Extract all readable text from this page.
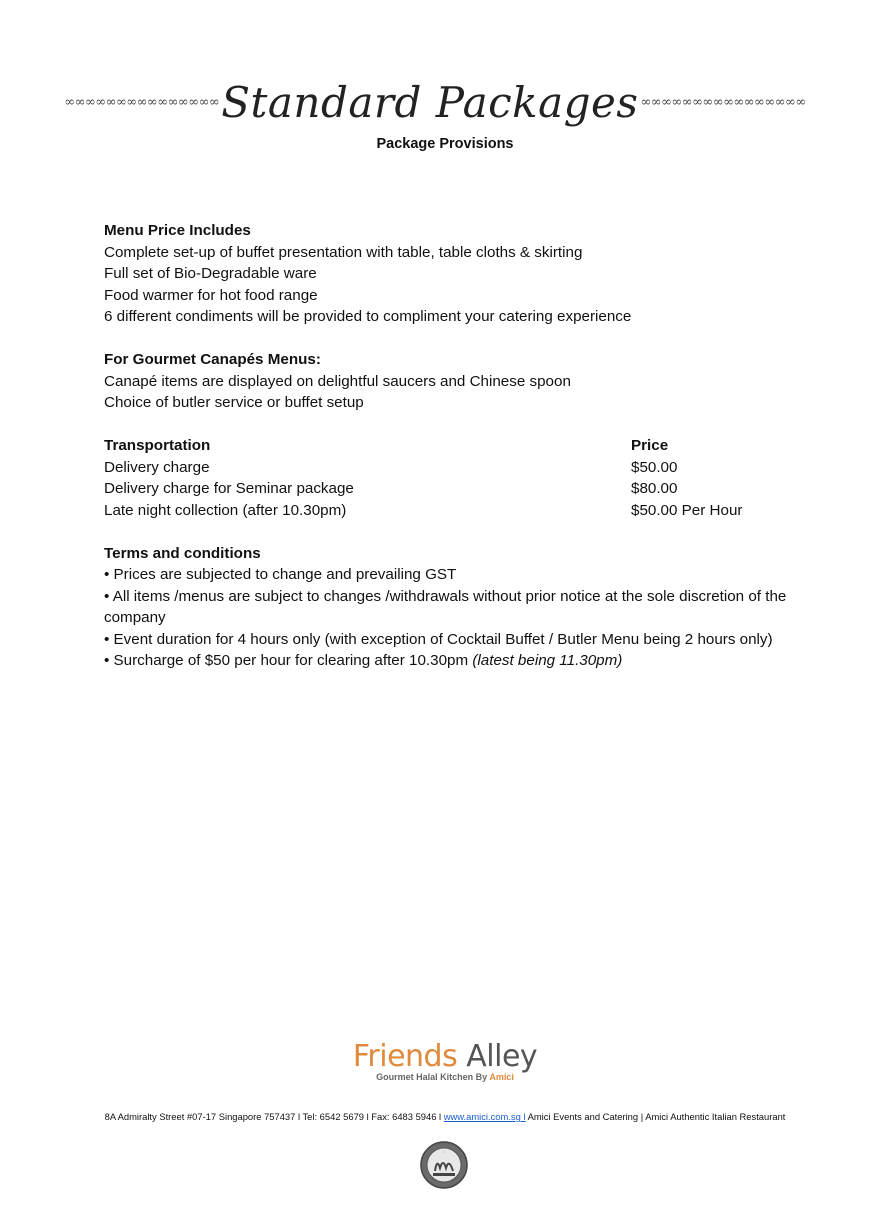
∞∞∞∞∞∞∞∞∞∞∞∞∞∞∞Standard Packages ∞∞∞∞∞∞∞∞∞∞∞∞∞∞∞∞
Package Provisions

Menu Price Includes

Complete set-up of buffet presentation with table, table cloths & skirting

Full set of Bio-Degradable ware

Food warmer for hot food range

6 different condiments will be provided to compliment your catering experience

For Gourmet Canapés Menus:

Canapé items are displayed on delightful saucers and Chinese spoon

Choice of butler service or buffet setup

Transportation	Price
Delivery charge	$50.00
Delivery charge for Seminar package	$80.00
Late night collection (after 10.30pm)	$50.00 Per Hour

Terms and conditions

• Prices are subjected to change and prevailing GST

• All items /menus are subject to changes /withdrawals without prior notice at the sole discretion of the company

• Event duration for 4 hours only (with exception of Cocktail Buffet / Butler Menu being 2 hours only)

• Surcharge of $50 per hour for clearing after 10.30pm (latest being 11.30pm)

Friends Alley
Gourmet Halal Kitchen By Amici
8A Admiralty Street #07-17 Singapore 757437 l Tel: 6542 5679 l Fax: 6483 5946 l www.amici.com.sg l Amici Events and Catering | Amici Authentic Italian Restaurant
